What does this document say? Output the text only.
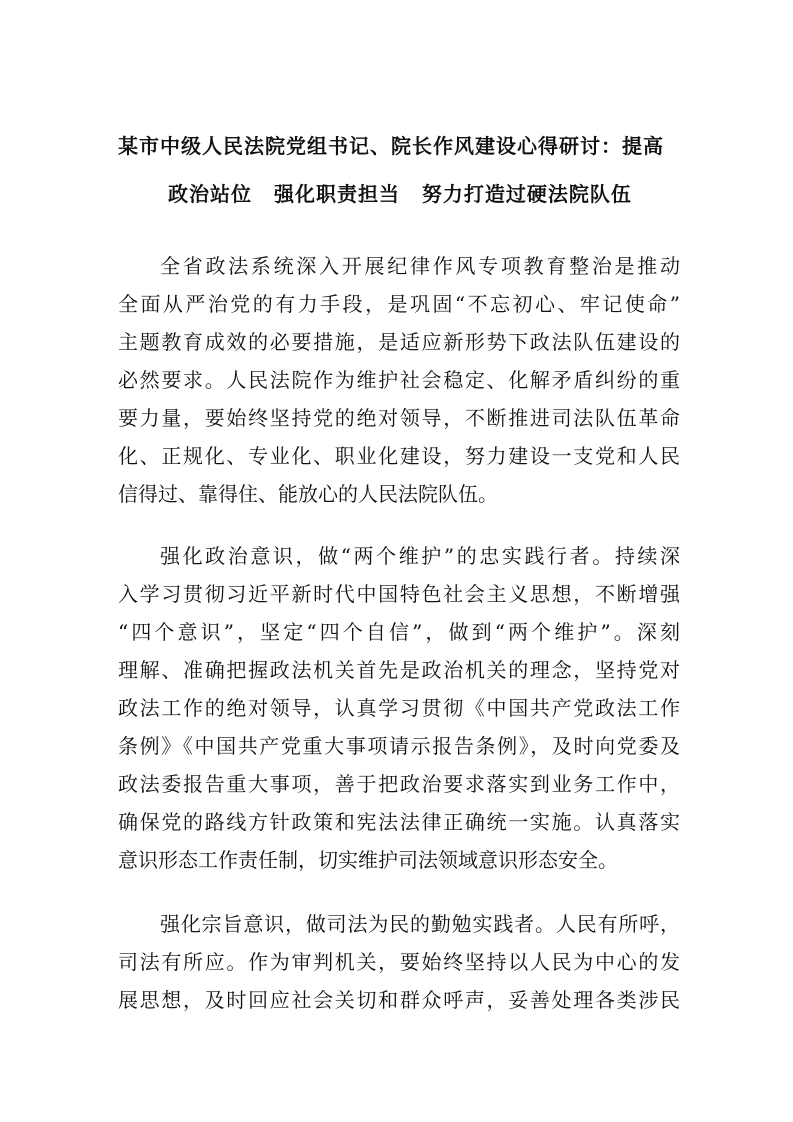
某市中级人民法院党组书记、院长作风建设心得研讨：提高
政治站位 强化职责担当 努力打造过硬法院队伍
全省政法系统深入开展纪律作风专项教育整治是推动
全面从严治党的有力手段，是巩固“不忘初心、牢记使命”
主题教育成效的必要措施，是适应新形势下政法队伍建设的
必然要求。人民法院作为维护社会稳定、化解矛盾纠纷的重
要力量，要始终坚持党的绝对领导，不断推进司法队伍革命
化、正规化、专业化、职业化建设，努力建设一支党和人民
信得过、靠得住、能放心的人民法院队伍。
强化政治意识，做“两个维护”的忠实践行者。持续深
入学习贯彻习近平新时代中国特色社会主义思想，不断增强
“四个意识”，坚定“四个自信”，做到“两个维护”。深刻
理解、准确把握政法机关首先是政治机关的理念，坚持党对
政法工作的绝对领导，认真学习贯彻《中国共产党政法工作
条例》《中国共产党重大事项请示报告条例》，及时向党委及
政法委报告重大事项，善于把政治要求落实到业务工作中，
确保党的路线方针政策和宪法法律正确统一实施。认真落实
意识形态工作责任制，切实维护司法领域意识形态安全。
强化宗旨意识，做司法为民的勤勉实践者。人民有所呼，
司法有所应。作为审判机关，要始终坚持以人民为中心的发
展思想，及时回应社会关切和群众呼声，妥善处理各类涉民
